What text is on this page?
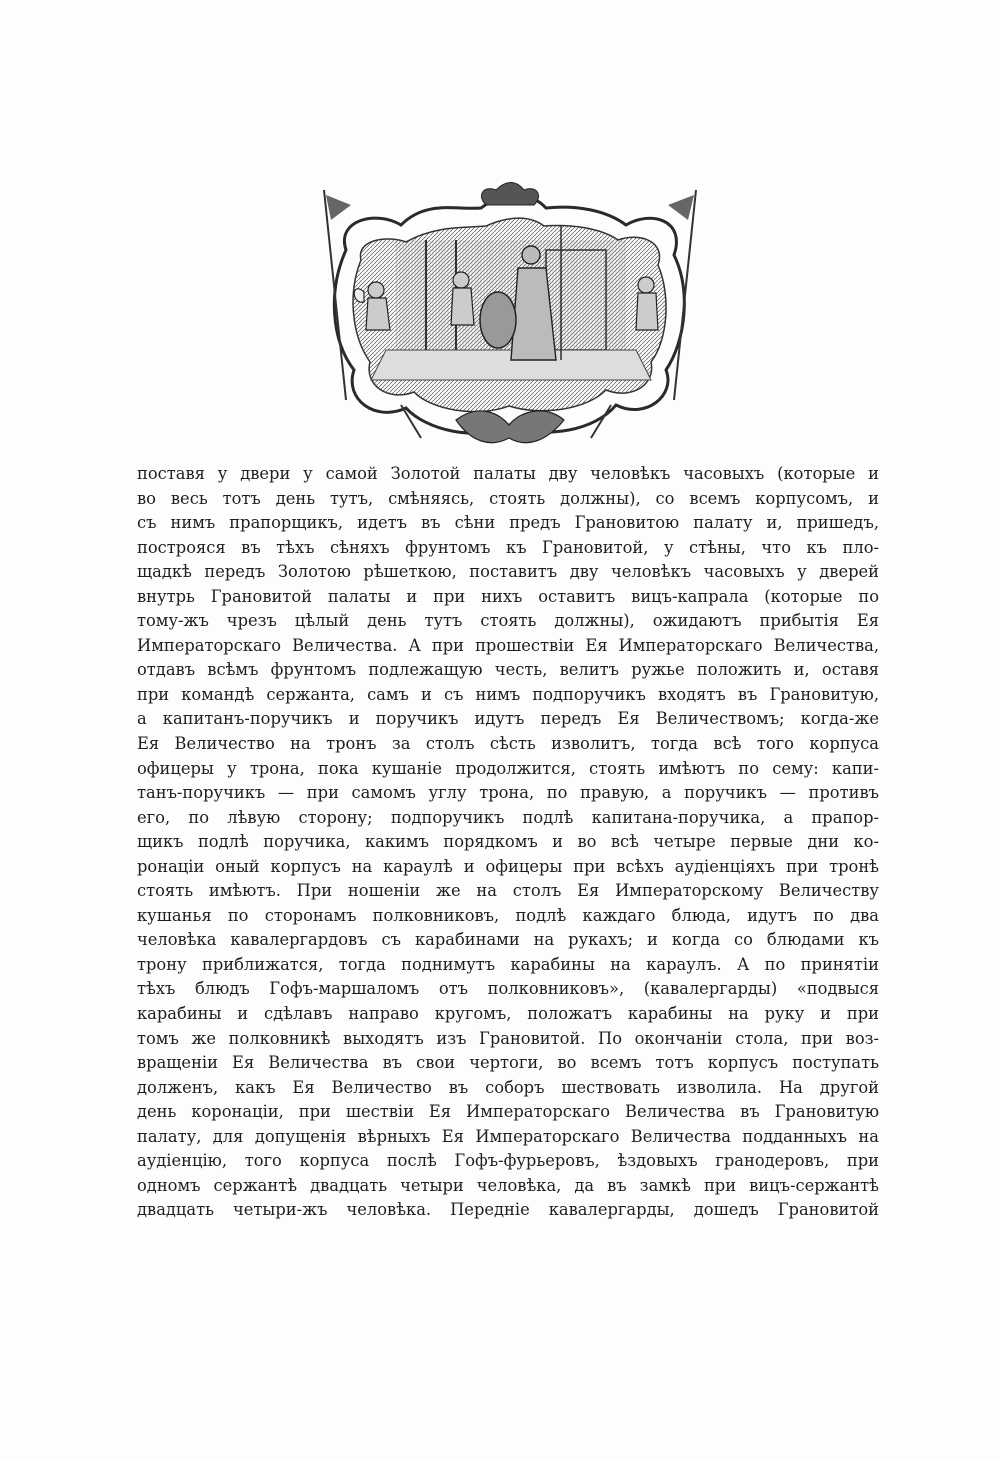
поставя у двери у самой Золотой палаты дву человѣкъ часовыхъ (которые и
во весь тотъ день тутъ, смѣняясь, стоять должны), со всемъ корпусомъ, и
съ нимъ прапорщикъ, идетъ въ сѣни предъ Грановитою палату и, пришедъ,
построяся въ тѣхъ сѣняхъ фрунтомъ къ Грановитой, у стѣны, что къ пло-
щадкѣ передъ Золотою рѣшеткою, поставитъ дву человѣкъ часовыхъ у дверей
внутрь Грановитой палаты и при нихъ оставитъ вицъ-капрала (которые по
тому-жъ чрезъ цѣлый день тутъ стоять должны), ожидаютъ прибытія Ея
Императорскаго Величества. А при прошествіи Ея Императорскаго Величества,
отдавъ всѣмъ фрунтомъ подлежащую честь, велитъ ружье положить и, оставя
при командѣ сержанта, самъ и съ нимъ подпоручикъ входятъ въ Грановитую,
а капитанъ-поручикъ и поручикъ идутъ передъ Ея Величествомъ; когда-же
Ея Величество на тронъ за столъ сѣсть изволитъ, тогда всѣ того корпуса
офицеры у трона, пока кушаніе продолжится, стоять имѣютъ по сему: капи-
танъ-поручикъ — при самомъ углу трона, по правую, а поручикъ — противъ
его, по лѣвую сторону; подпоручикъ подлѣ капитана-поручика, а прапор-
щикъ подлѣ поручика, какимъ порядкомъ и во всѣ четыре первые дни ко-
ронаціи оный корпусъ на караулѣ и офицеры при всѣхъ аудіенціяхъ при тронѣ
стоять имѣютъ. При ношеніи же на столъ Ея Императорскому Величеству
кушанья по сторонамъ полковниковъ, подлѣ каждаго блюда, идутъ по два
человѣка кавалергардовъ съ карабинами на рукахъ; и когда со блюдами къ
трону приближатся, тогда поднимутъ карабины на караулъ. А по принятіи
тѣхъ блюдъ Гофъ-маршаломъ отъ полковниковъ», (кавалергарды) «подвыся
карабины и сдѣлавъ направо кругомъ, положатъ карабины на руку и при
томъ же полковникѣ выходятъ изъ Грановитой. По окончаніи стола, при воз-
вращеніи Ея Величества въ свои чертоги, во всемъ тотъ корпусъ поступать
долженъ, какъ Ея Величество въ соборъ шествовать изволила. На другой
день коронаціи, при шествіи Ея Императорскаго Величества въ Грановитую
палату, для допущенія вѣрныхъ Ея Императорскаго Величества подданныхъ на
аудіенцію, того корпуса послѣ Гофъ-фурьеровъ, ѣздовыхъ гранодеровъ, при
одномъ сержантѣ двадцать четыри человѣка, да въ замкѣ при вицъ-сержантѣ
двадцать четыри-жъ человѣка. Передніе кавалергарды, дошедъ Грановитой
